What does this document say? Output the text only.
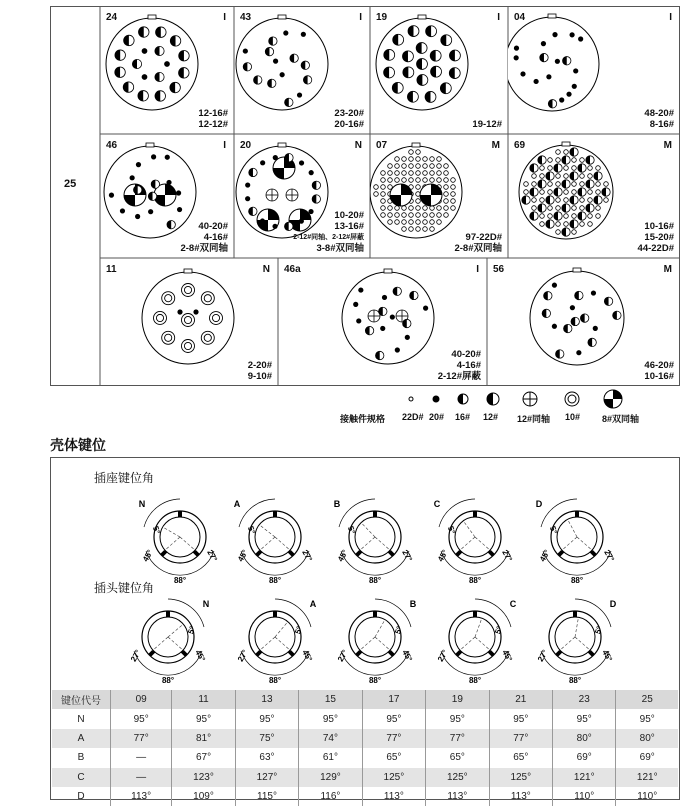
25
24	I
12-16#
12-12#
43	I
23-20#
20-16#
19	I
19-12#
04	I
48-20#
8-16#
46	I
40-20#
4-16#
2-8#双同轴
20	N
10-20#
13-16#
2-12#同轴、2-12#屏蔽
3-8#双同轴
07	M
97-22D#
2-8#双同轴
69	M
10-16#
15-20#
44-22D#
11	N
2-20#
9-10#
46a	I
40-20#
4-16#
2-12#屏蔽
56	M
46-20#
10-16#
接触件规格 22D# 20# 16# 12# 12#同轴 10# 8#双同轴
壳体键位
插座键位角
插头键位角
N
5°
45°	27°
88°
A
5°
45°	27°
88°
B
5°
45°	27°
88°
C
5°
45°	27°
88°
D
5°
45°	27°
88°
N
5°
27°	45°
88°
A
5°
27°	45°
88°
B
5°
27°	45°
88°
C
5°
27°	45°
88°
D
5°
27°	45°
88°
键位代号	09	11	13	15	17	19	21	23	25
N	95°	95°	95°	95°	95°	95°	95°	95°	95°
A	77°	81°	75°	74°	77°	77°	77°	80°	80°
B	—	67°	63°	61°	65°	65°	65°	69°	69°
C	—	123°	127°	129°	125°	125°	125°	121°	121°
D	113°	109°	115°	116°	113°	113°	113°	110°	110°
